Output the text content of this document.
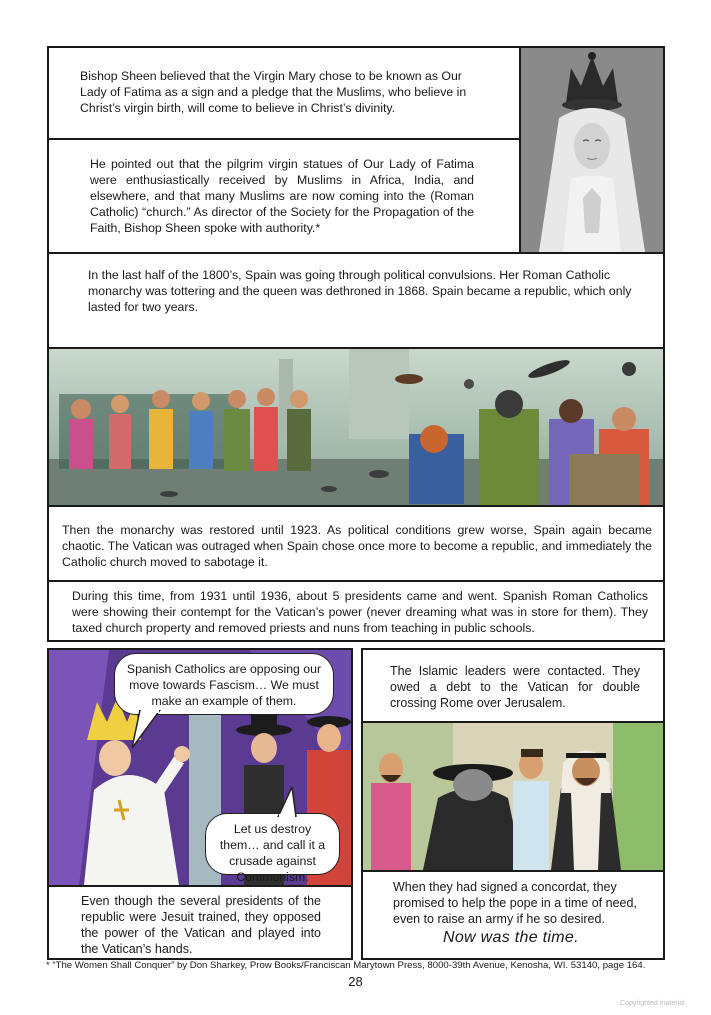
Bishop Sheen believed that the Virgin Mary chose to be known as Our Lady of Fatima as a sign and a pledge that the Muslims, who believe in Christ’s virgin birth, will come to believe in Christ’s divinity.
He pointed out that the pilgrim virgin statues of Our Lady of Fatima were enthusiastically received by Muslims in Africa, India, and elsewhere, and that many Muslims are now coming into the (Roman Catholic) “church.” As director of the Society for the Propagation of the Faith, Bishop Sheen spoke with authority.*
In the last half of the 1800’s, Spain was going through political convulsions. Her Roman Catholic monarchy was tottering and the queen was dethroned in 1868. Spain became a republic, which only lasted for two years.
Then the monarchy was restored until 1923. As political conditions grew worse, Spain again became chaotic. The Vatican was outraged when Spain chose once more to become a republic, and immediately the Catholic church moved to sabotage it.
During this time, from 1931 until 1936, about 5 presidents came and went. Spanish Roman Catholics were showing their contempt for the Vatican’s power (never dreaming what was in store for them). They taxed church property and removed priests and nuns from teaching in public schools.
Spanish Catholics are opposing our move towards Fascism… We must make an example of them.
Let us destroy them… and call it a crusade against Communism.
Even though the several presidents of the republic were Jesuit trained, they opposed the power of the Vatican and played into the Vatican’s hands.
The Islamic leaders were contacted. They owed a debt to the Vatican for double crossing Rome over Jerusalem.
When they had signed a concordat, they promised to help the pope in a time of need, even to raise an army if he so desired.
Now was the time.
* “The Women Shall Conquer” by Don Sharkey, Prow Books/Franciscan Marytown Press, 8000-39th Avenue, Kenosha, WI. 53140, page 164.
28
Copyrighted material
